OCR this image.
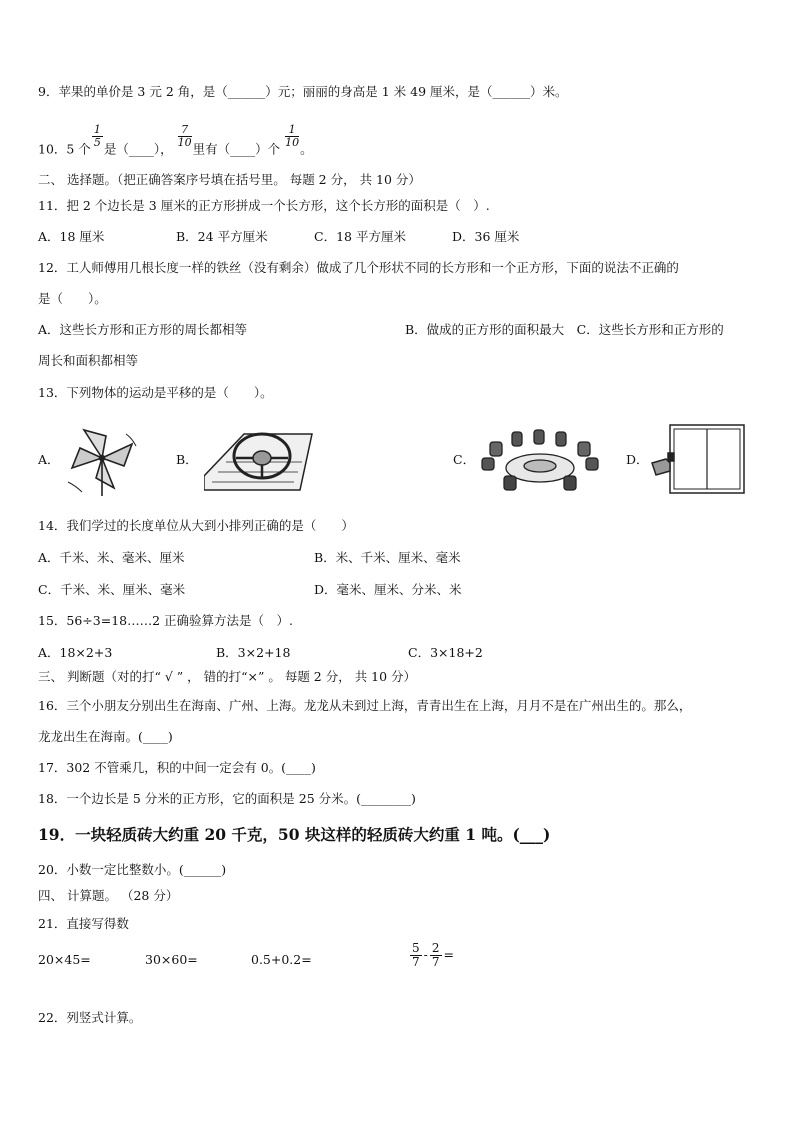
9．苹果的单价是 3 元 2 角，是（______）元；丽丽的身高是 1 米 49 厘米，是（______）米。
10．5 个
$\frac{1}{5}$
是（____），
$\frac{7}{10}$
里有（____）个
$\frac{1}{10}$
。
二、 选择题。（把正确答案序号填在括号里。 每题 2 分， 共 10 分）
11．把 2 个边长是 3 厘米的正方形拼成一个长方形，这个长方形的面积是（　）.
A．18 厘米	B．24 平方厘米	C．18 平方厘米	D．36 厘米
12．工人师傅用几根长度一样的铁丝（没有剩余）做成了几个形状不同的长方形和一个正方形，下面的说法不正确的
是（　　）。
A．这些长方形和正方形的周长都相等	B．做成的正方形的面积最大　C．这些长方形和正方形的
周长和面积都相等
13．下列物体的运动是平移的是（　　）。
A．	B．	C．	D．
14．我们学过的长度单位从大到小排列正确的是（　　）
A．千米、米、毫米、厘米	B．米、千米、厘米、毫米
C．千米、米、厘米、毫米	D．毫米、厘米、分米、米
15．56÷3=18……2 正确验算方法是（　）.
A．18×2+3	B．3×2+18	C．3×18+2
三、 判断题（对的打“ √ ” ， 错的打“×” 。 每题 2 分， 共 10 分）
16．三个小朋友分别出生在海南、广州、上海。龙龙从未到过上海，青青出生在上海，月月不是在广州出生的。那么，
龙龙出生在海南。(____)
17．302 不管乘几，积的中间一定会有 0。(____)
18．一个边长是 5 分米的正方形，它的面积是 25 分米。(________)
19．一块轻质砖大约重 20 千克，50 块这样的轻质砖大约重 1 吨。(___)
20．小数一定比整数小。(______)
四、 计算题。 （28 分）
21．直接写得数
20×45=	30×60=	0.5+0.2=	$\frac{5}{7} - \frac{2}{7}$ =
22．列竖式计算。
